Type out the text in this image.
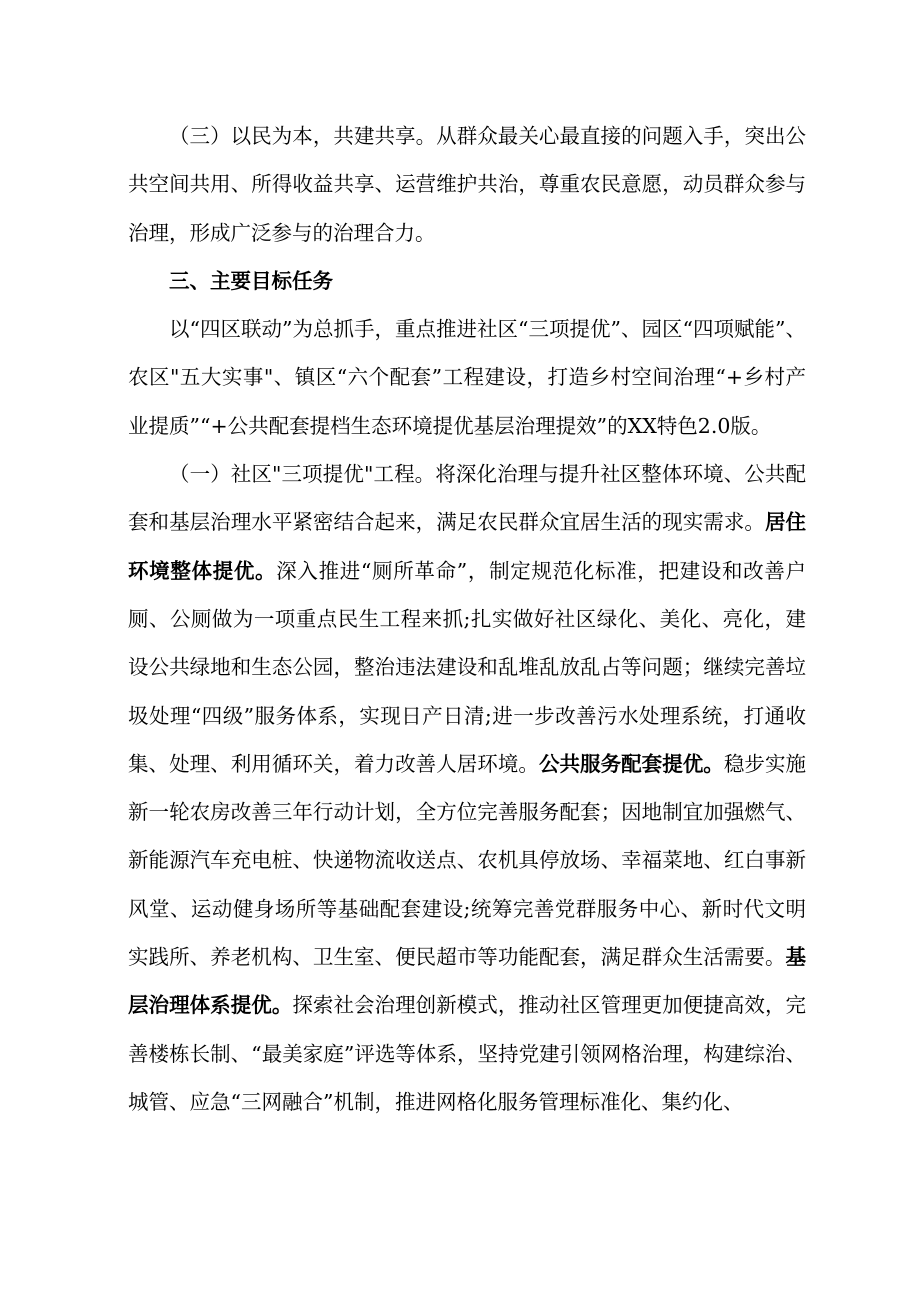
（三）以民为本，共建共享。从群众最关心最直接的问题入手，突出公共空间共用、所得收益共享、运营维护共治，尊重农民意愿，动员群众参与治理，形成广泛参与的治理合力。

三、主要目标任务

以“四区联动”为总抓手，重点推进社区“三项提优”、园区“四项赋能”、农区"五大实事"、镇区“六个配套”工程建设，打造乡村空间治理“+乡村产业提质”“+公共配套提档生态环境提优基层治理提效”的XX特色2.0版。

（一）社区"三项提优"工程。将深化治理与提升社区整体环境、公共配套和基层治理水平紧密结合起来，满足农民群众宜居生活的现实需求。居住环境整体提优。深入推进“厕所革命”，制定规范化标准，把建设和改善户厕、公厕做为一项重点民生工程来抓;扎实做好社区绿化、美化、亮化，建设公共绿地和生态公园，整治违法建设和乱堆乱放乱占等问题；继续完善垃圾处理“四级”服务体系，实现日产日清;进一步改善污水处理系统，打通收集、处理、利用循环关，着力改善人居环境。公共服务配套提优。稳步实施新一轮农房改善三年行动计划，全方位完善服务配套；因地制宜加强燃气、新能源汽车充电桩、快递物流收送点、农机具停放场、幸福菜地、红白事新风堂、运动健身场所等基础配套建设;统筹完善党群服务中心、新时代文明实践所、养老机构、卫生室、便民超市等功能配套，满足群众生活需要。基层治理体系提优。探索社会治理创新模式，推动社区管理更加便捷高效，完善楼栋长制、“最美家庭”评选等体系，坚持党建引领网格治理，构建综治、城管、应急“三网融合”机制，推进网格化服务管理标准化、集约化、
